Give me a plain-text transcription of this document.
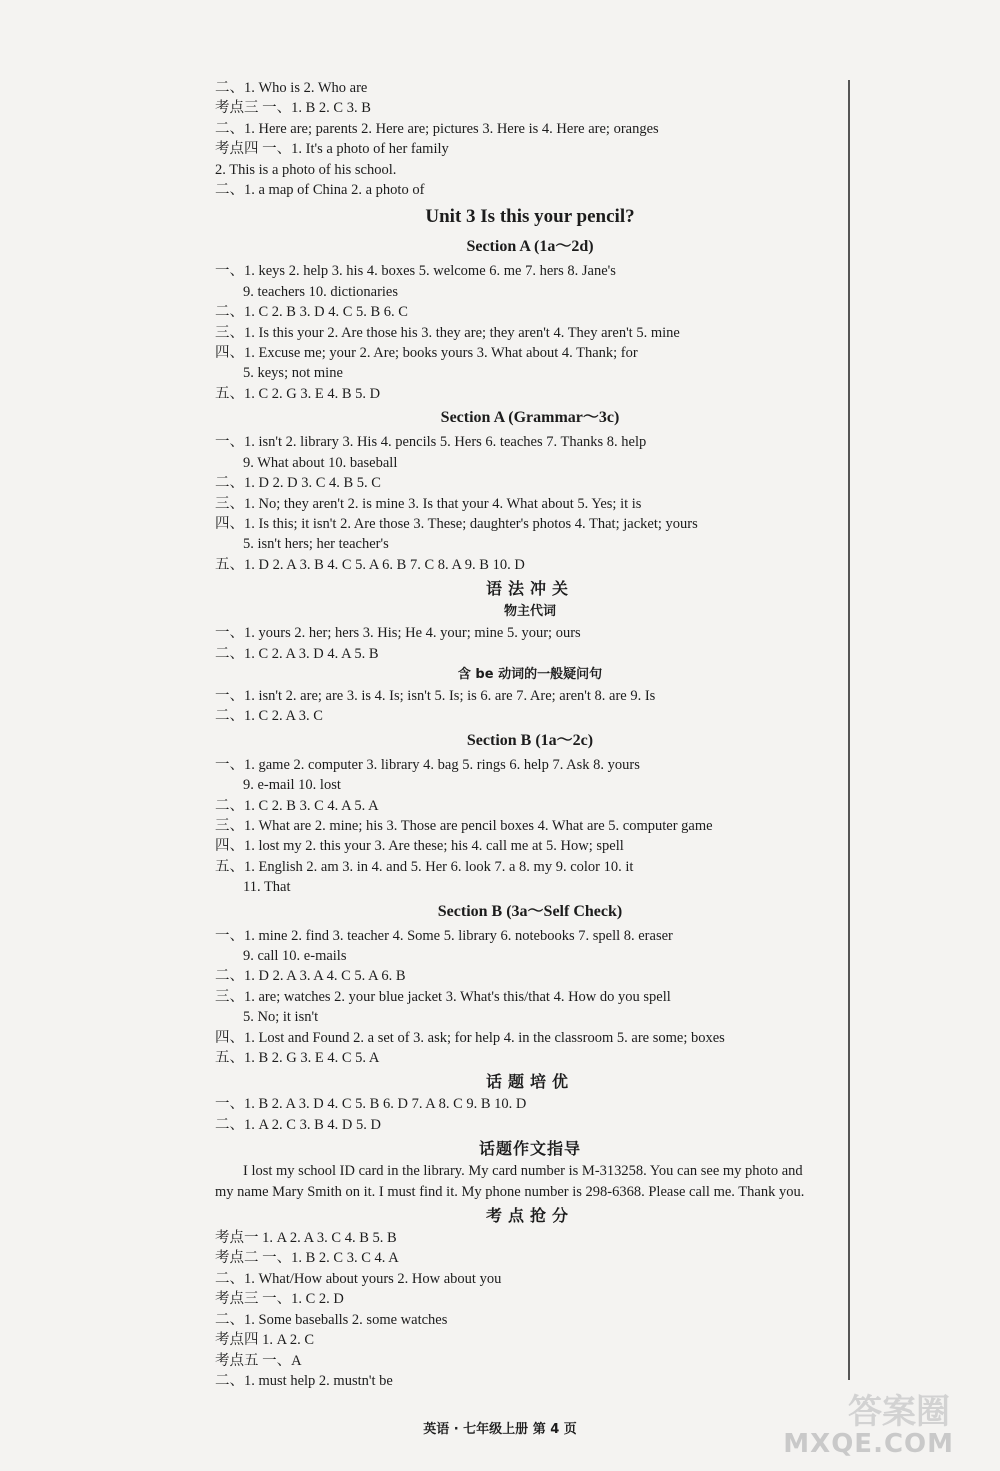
二、1. Who is 2. Who are
考点三 一、1. B 2. C 3. B
二、1. Here are; parents 2. Here are; pictures 3. Here is 4. Here are; oranges
考点四 一、1. It's a photo of her family
2. This is a photo of his school.
二、1. a map of China 2. a photo of
Unit 3 Is this your pencil?
Section A (1a～2d)
一、1. keys 2. help 3. his 4. boxes 5. welcome 6. me 7. hers 8. Jane's
9. teachers 10. dictionaries
二、1. C 2. B 3. D 4. C 5. B 6. C
三、1. Is this your 2. Are those his 3. they are; they aren't 4. They aren't 5. mine
四、1. Excuse me; your 2. Are; books yours 3. What about 4. Thank; for
5. keys; not mine
五、1. C 2. G 3. E 4. B 5. D
Section A (Grammar～3c)
一、1. isn't 2. library 3. His 4. pencils 5. Hers 6. teaches 7. Thanks 8. help
9. What about 10. baseball
二、1. D 2. D 3. C 4. B 5. C
三、1. No; they aren't 2. is mine 3. Is that your 4. What about 5. Yes; it is
四、1. Is this; it isn't 2. Are those 3. These; daughter's photos 4. That; jacket; yours
5. isn't hers; her teacher's
五、1. D 2. A 3. B 4. C 5. A 6. B 7. C 8. A 9. B 10. D
语法冲关
物主代词
一、1. yours 2. her; hers 3. His; He 4. your; mine 5. your; ours
二、1. C 2. A 3. D 4. A 5. B
含 be 动词的一般疑问句
一、1. isn't 2. are; are 3. is 4. Is; isn't 5. Is; is 6. are 7. Are; aren't 8. are 9. Is
二、1. C 2. A 3. C
Section B (1a～2c)
一、1. game 2. computer 3. library 4. bag 5. rings 6. help 7. Ask 8. yours
9. e-mail 10. lost
二、1. C 2. B 3. C 4. A 5. A
三、1. What are 2. mine; his 3. Those are pencil boxes 4. What are 5. computer game
四、1. lost my 2. this your 3. Are these; his 4. call me at 5. How; spell
五、1. English 2. am 3. in 4. and 5. Her 6. look 7. a 8. my 9. color 10. it
11. That
Section B (3a～Self Check)
一、1. mine 2. find 3. teacher 4. Some 5. library 6. notebooks 7. spell 8. eraser
9. call 10. e-mails
二、1. D 2. A 3. A 4. C 5. A 6. B
三、1. are; watches 2. your blue jacket 3. What's this/that 4. How do you spell
5. No; it isn't
四、1. Lost and Found 2. a set of 3. ask; for help 4. in the classroom 5. are some; boxes
五、1. B 2. G 3. E 4. C 5. A
话题培优
一、1. B 2. A 3. D 4. C 5. B 6. D 7. A 8. C 9. B 10. D
二、1. A 2. C 3. B 4. D 5. D
话题作文指导
I lost my school ID card in the library. My card number is M-313258. You can see my photo and my name Mary Smith on it. I must find it. My phone number is 298-6368. Please call me. Thank you.
考点抢分
考点一 1. A 2. A 3. C 4. B 5. B
考点二 一、1. B 2. C 3. C 4. A
二、1. What/How about yours 2. How about you
考点三 一、1. C 2. D
二、1. Some baseballs 2. some watches
考点四 1. A 2. C
考点五 一、A
二、1. must help 2. mustn't be
英语 · 七年级上册 第 4 页	答案圈
MXQE.COM
